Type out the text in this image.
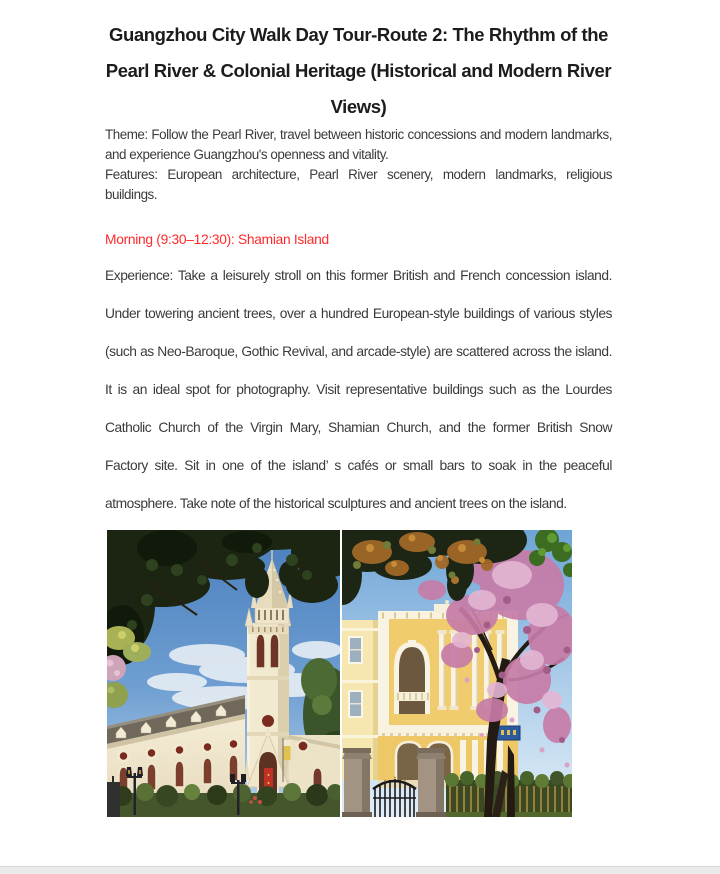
Guangzhou City Walk Day Tour-Route 2: The Rhythm of the Pearl River & Colonial Heritage (Historical and Modern River Views)

Theme: Follow the Pearl River, travel between historic concessions and modern landmarks, and experience Guangzhou's openness and vitality.

Features: European architecture, Pearl River scenery, modern landmarks, religious buildings.

Morning (9:30–12:30): Shamian Island

Experience: Take a leisurely stroll on this former British and French concession island. Under towering ancient trees, over a hundred European-style buildings of various styles (such as Neo-Baroque, Gothic Revival, and arcade-style) are scattered across the island. It is an ideal spot for photography. Visit representative buildings such as the Lourdes Catholic Church of the Virgin Mary, Shamian Church, and the former British Snow Factory site. Sit in one of the island’ s cafés or small bars to soak in the peaceful atmosphere. Take note of the historical sculptures and ancient trees on the island.
